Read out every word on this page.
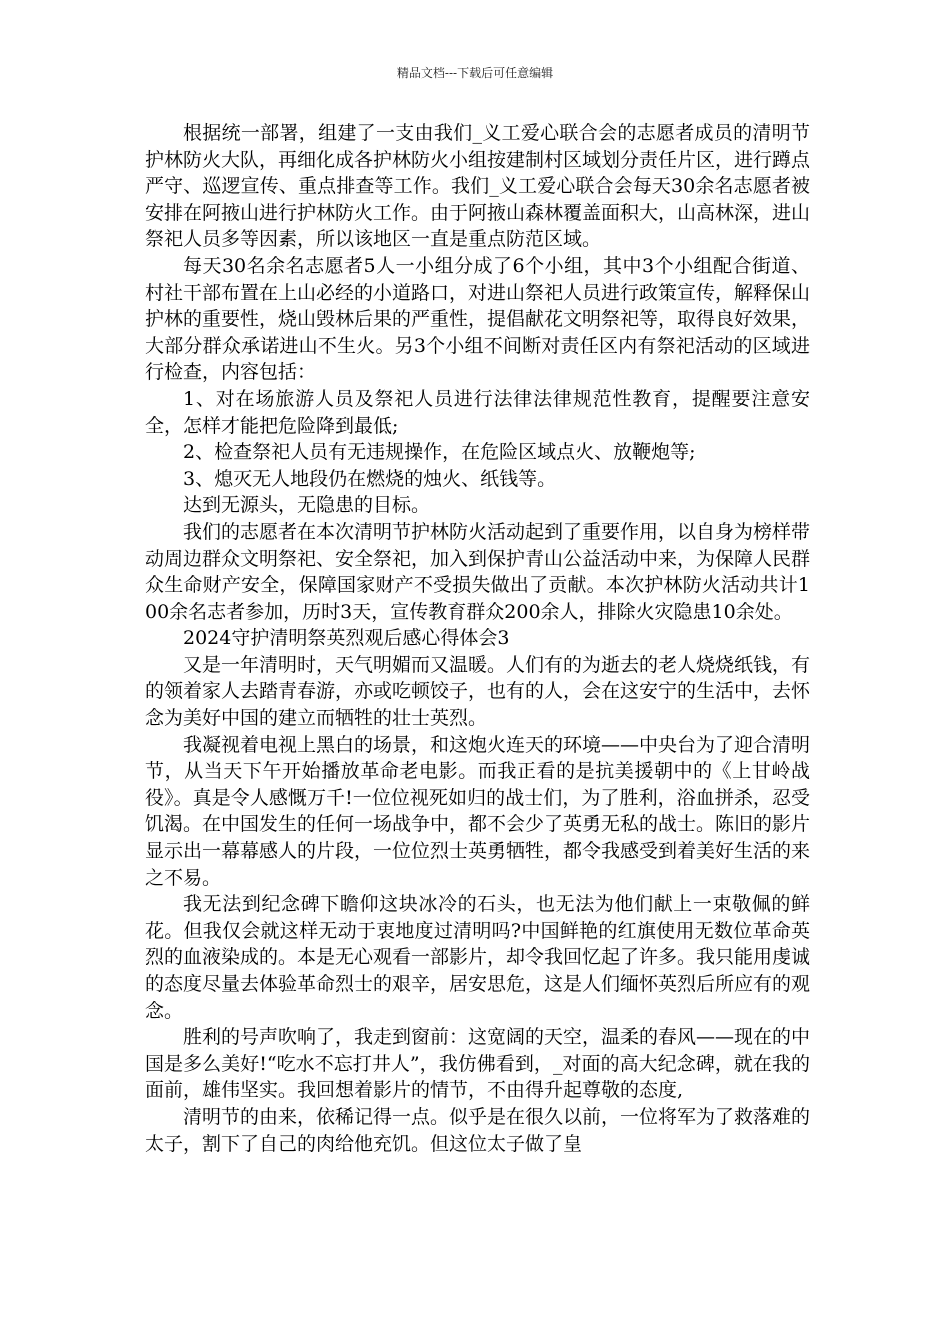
精品文档---下载后可任意编辑

根据统一部署，组建了一支由我们_义工爱心联合会的志愿者成员的清明节护林防火大队，再细化成各护林防火小组按建制村区域划分责任片区，进行蹲点严守、巡逻宣传、重点排查等工作。我们_义工爱心联合会每天30余名志愿者被安排在阿掖山进行护林防火工作。由于阿掖山森林覆盖面积大，山高林深，进山祭祀人员多等因素，所以该地区一直是重点防范区域。

每天30名余名志愿者5人一小组分成了6个小组，其中3个小组配合街道、村社干部布置在上山必经的小道路口，对进山祭祀人员进行政策宣传，解释保山护林的重要性，烧山毁林后果的严重性，提倡献花文明祭祀等，取得良好效果，大部分群众承诺进山不生火。另3个小组不间断对责任区内有祭祀活动的区域进行检查，内容包括：

1、对在场旅游人员及祭祀人员进行法律法律规范性教育，提醒要注意安全，怎样才能把危险降到最低;

2、检查祭祀人员有无违规操作，在危险区域点火、放鞭炮等;

3、熄灭无人地段仍在燃烧的烛火、纸钱等。

达到无源头，无隐患的目标。

我们的志愿者在本次清明节护林防火活动起到了重要作用，以自身为榜样带动周边群众文明祭祀、安全祭祀，加入到保护青山公益活动中来，为保障人民群众生命财产安全，保障国家财产不受损失做出了贡献。本次护林防火活动共计100余名志者参加，历时3天，宣传教育群众200余人，排除火灾隐患10余处。

2024守护清明祭英烈观后感心得体会3

又是一年清明时，天气明媚而又温暖。人们有的为逝去的老人烧烧纸钱，有的领着家人去踏青春游，亦或吃顿饺子，也有的人，会在这安宁的生活中，去怀念为美好中国的建立而牺牲的壮士英烈。

我凝视着电视上黑白的场景，和这炮火连天的环境——中央台为了迎合清明节，从当天下午开始播放革命老电影。而我正看的是抗美援朝中的《上甘岭战役》。真是令人感慨万千!一位位视死如归的战士们，为了胜利，浴血拼杀，忍受饥渴。在中国发生的任何一场战争中，都不会少了英勇无私的战士。陈旧的影片显示出一幕幕感人的片段，一位位烈士英勇牺牲，都令我感受到着美好生活的来之不易。

我无法到纪念碑下瞻仰这块冰冷的石头，也无法为他们献上一束敬佩的鲜花。但我仅会就这样无动于衷地度过清明吗?中国鲜艳的红旗使用无数位革命英烈的血液染成的。本是无心观看一部影片，却令我回忆起了许多。我只能用虔诚的态度尽量去体验革命烈士的艰辛，居安思危，这是人们缅怀英烈后所应有的观念。

胜利的号声吹响了，我走到窗前：这宽阔的天空，温柔的春风——现在的中国是多么美好!“吃水不忘打井人”，我仿佛看到，_对面的高大纪念碑，就在我的面前，雄伟坚实。我回想着影片的情节，不由得升起尊敬的态度,

清明节的由来，依稀记得一点。似乎是在很久以前，一位将军为了救落难的太子，割下了自己的肉给他充饥。但这位太子做了皇
